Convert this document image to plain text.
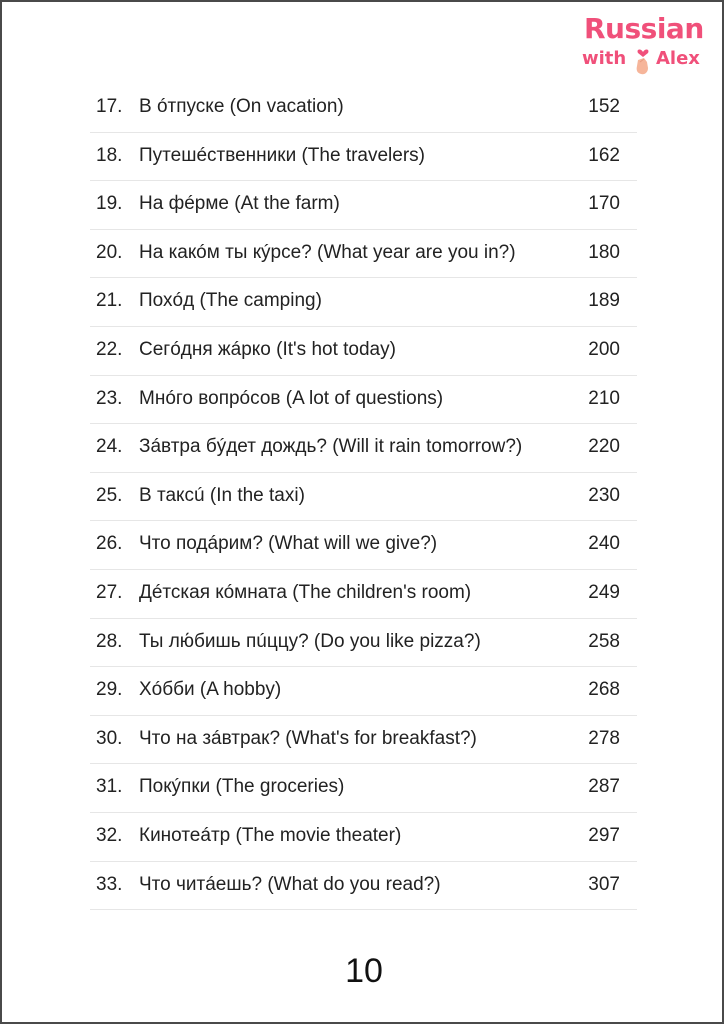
Russian
with Alex
17. В óтпуске (On vacation)	152
18. Путешéственники (The travelers)	162
19. На фéрме (At the farm)	170
20. На какóм ты кýрсе? (What year are you in?)	180
21. Похóд (The camping)	189
22. Сегóдня жáрко (It's hot today)	200
23. Мнóго вопрóсов (A lot of questions)	210
24. Зáвтра бýдет дождь? (Will it rain tomorrow?)	220
25. В таксú (In the taxi)	230
26. Что подáрим? (What will we give?)	240
27. Дéтская кóмната (The children's room)	249
28. Ты лю́бишь пúццу? (Do you like pizza?)	258
29. Хóбби (A hobby)	268
30. Что на зáвтрак? (What's for breakfast?)	278
31. Покýпки (The groceries)	287
32. Кинотеáтр (The movie theater)	297
33. Что читáешь? (What do you read?)	307
10
